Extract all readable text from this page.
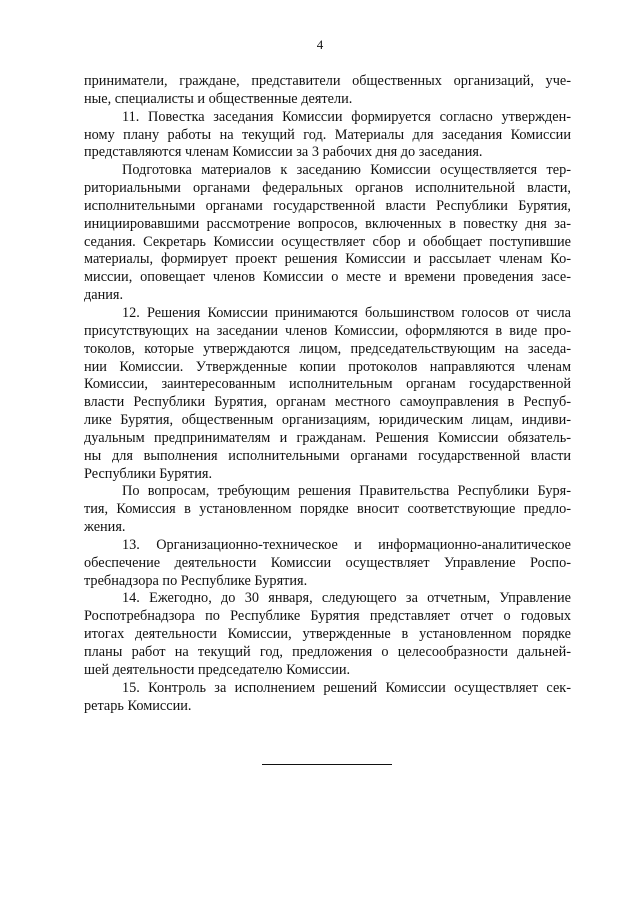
4
приниматели, граждане, представители общественных организаций, уче-
ные, специалисты и общественные деятели.
11. Повестка заседания Комиссии формируется согласно утвержден-
ному плану работы на текущий год. Материалы для заседания Комиссии
представляются членам Комиссии за 3 рабочих дня до заседания.
Подготовка материалов к заседанию Комиссии осуществляется тер-
риториальными органами федеральных органов исполнительной власти,
исполнительными органами государственной власти Республики Бурятия,
инициировавшими рассмотрение вопросов, включенных в повестку дня за-
седания. Секретарь Комиссии осуществляет сбор и обобщает поступившие
материалы, формирует проект решения Комиссии и рассылает членам Ко-
миссии, оповещает членов Комиссии о месте и времени проведения засе-
дания.
12. Решения Комиссии принимаются большинством голосов от числа
присутствующих на заседании членов Комиссии, оформляются в виде про-
токолов, которые утверждаются лицом, председательствующим на заседа-
нии Комиссии. Утвержденные копии протоколов направляются членам
Комиссии, заинтересованным исполнительным органам государственной
власти Республики Бурятия, органам местного самоуправления в Респуб-
лике Бурятия, общественным организациям, юридическим лицам, индиви-
дуальным предпринимателям и гражданам. Решения Комиссии обязатель-
ны для выполнения исполнительными органами государственной власти
Республики Бурятия.
По вопросам, требующим решения Правительства Республики Буря-
тия, Комиссия в установленном порядке вносит соответствующие предло-
жения.
13. Организационно-техническое и информационно-аналитическое
обеспечение деятельности Комиссии осуществляет Управление Роспо-
требнадзора по Республике Бурятия.
14. Ежегодно, до 30 января, следующего за отчетным, Управление
Роспотребнадзора по Республике Бурятия представляет отчет о годовых
итогах деятельности Комиссии, утвержденные в установленном порядке
планы работ на текущий год, предложения о целесообразности дальней-
шей деятельности председателю Комиссии.
15. Контроль за исполнением решений Комиссии осуществляет сек-
ретарь Комиссии.
